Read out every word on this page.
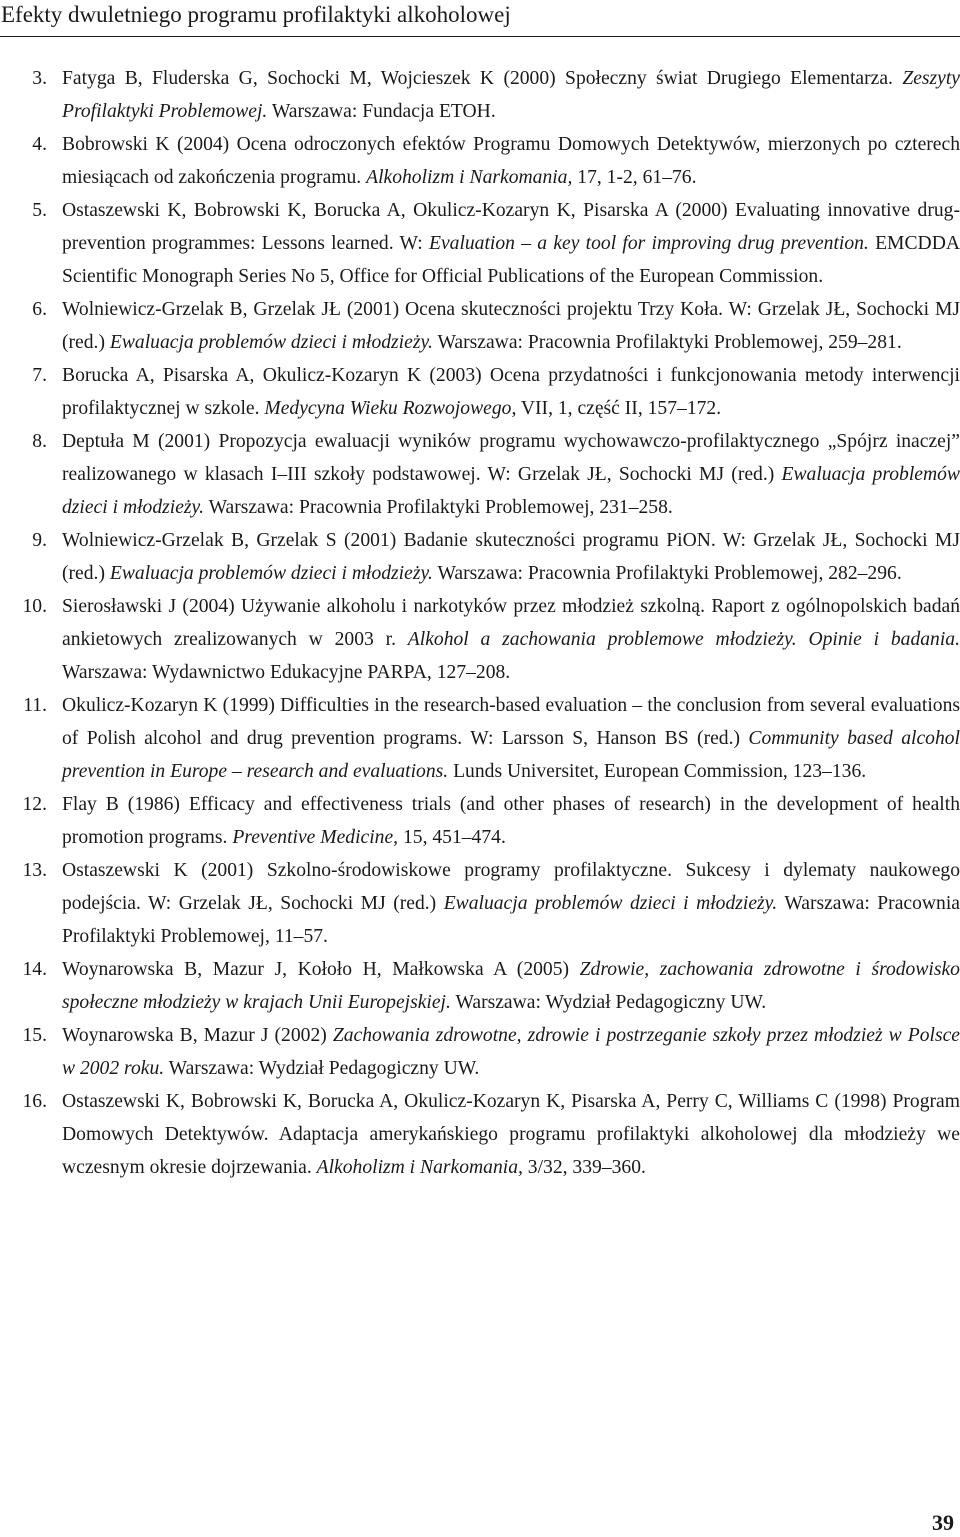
Efekty dwuletniego programu profilaktyki alkoholowej
3. Fatyga B, Fluderska G, Sochocki M, Wojcieszek K (2000) Społeczny świat Drugiego Elementarza. Zeszyty Profilaktyki Problemowej. Warszawa: Fundacja ETOH.
4. Bobrowski K (2004) Ocena odroczonych efektów Programu Domowych Detektywów, mierzonych po czterech miesiącach od zakończenia programu. Alkoholizm i Narkomania, 17, 1-2, 61–76.
5. Ostaszewski K, Bobrowski K, Borucka A, Okulicz-Kozaryn K, Pisarska A (2000) Evaluating innovative drug-prevention programmes: Lessons learned. W: Evaluation – a key tool for improving drug prevention. EMCDDA Scientific Monograph Series No 5, Office for Official Publications of the European Commission.
6. Wolniewicz-Grzelak B, Grzelak JŁ (2001) Ocena skuteczności projektu Trzy Koła. W: Grzelak JŁ, Sochocki MJ (red.) Ewaluacja problemów dzieci i młodzieży. Warszawa: Pracownia Profilaktyki Problemowej, 259–281.
7. Borucka A, Pisarska A, Okulicz-Kozaryn K (2003) Ocena przydatności i funkcjonowania metody interwencji profilaktycznej w szkole. Medycyna Wieku Rozwojowego, VII, 1, część II, 157–172.
8. Deptuła M (2001) Propozycja ewaluacji wyników programu wychowawczo-profilaktycznego „Spójrz inaczej” realizowanego w klasach I–III szkoły podstawowej. W: Grzelak JŁ, Sochocki MJ (red.) Ewaluacja problemów dzieci i młodzieży. Warszawa: Pracownia Profilaktyki Problemowej, 231–258.
9. Wolniewicz-Grzelak B, Grzelak S (2001) Badanie skuteczności programu PiON. W: Grzelak JŁ, Sochocki MJ (red.) Ewaluacja problemów dzieci i młodzieży. Warszawa: Pracownia Profilaktyki Problemowej, 282–296.
10. Sierosławski J (2004) Używanie alkoholu i narkotyków przez młodzież szkolną. Raport z ogólnopolskich badań ankietowych zrealizowanych w 2003 r. Alkohol a zachowania problemowe młodzieży. Opinie i badania. Warszawa: Wydawnictwo Edukacyjne PARPA, 127–208.
11. Okulicz-Kozaryn K (1999) Difficulties in the research-based evaluation – the conclusion from several evaluations of Polish alcohol and drug prevention programs. W: Larsson S, Hanson BS (red.) Community based alcohol prevention in Europe – research and evaluations. Lunds Universitet, European Commission, 123–136.
12. Flay B (1986) Efficacy and effectiveness trials (and other phases of research) in the development of health promotion programs. Preventive Medicine, 15, 451–474.
13. Ostaszewski K (2001) Szkolno-środowiskowe programy profilaktyczne. Sukcesy i dylematy naukowego podejścia. W: Grzelak JŁ, Sochocki MJ (red.) Ewaluacja problemów dzieci i młodzieży. Warszawa: Pracownia Profilaktyki Problemowej, 11–57.
14. Woynarowska B, Mazur J, Kołoło H, Małkowska A (2005) Zdrowie, zachowania zdrowotne i środowisko społeczne młodzieży w krajach Unii Europejskiej. Warszawa: Wydział Pedagogiczny UW.
15. Woynarowska B, Mazur J (2002) Zachowania zdrowotne, zdrowie i postrzeganie szkoły przez młodzież w Polsce w 2002 roku. Warszawa: Wydział Pedagogiczny UW.
16. Ostaszewski K, Bobrowski K, Borucka A, Okulicz-Kozaryn K, Pisarska A, Perry C, Williams C (1998) Program Domowych Detektywów. Adaptacja amerykańskiego programu profilaktyki alkoholowej dla młodzieży we wczesnym okresie dojrzewania. Alkoholizm i Narkomania, 3/32, 339–360.
39
